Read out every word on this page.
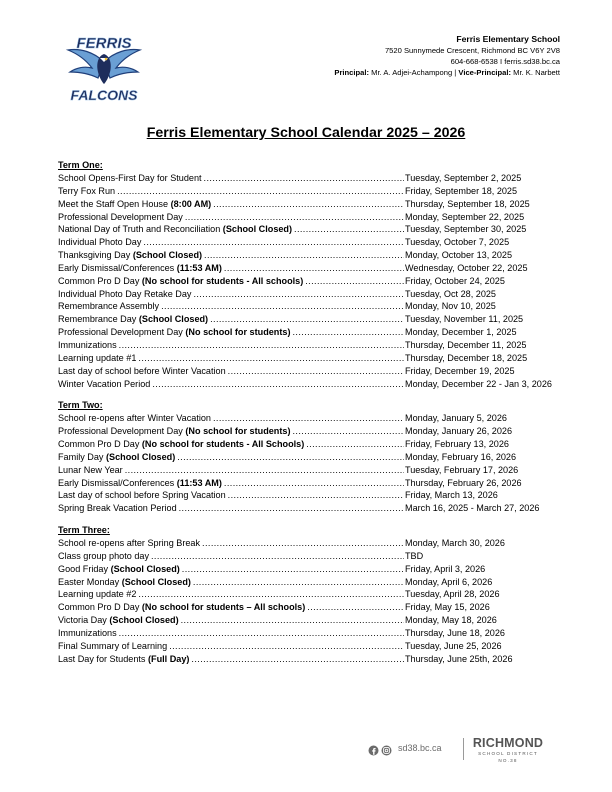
FERRIS
FALCONS
Ferris Elementary School
7520 Sunnymede Crescent, Richmond BC V6Y 2V8
604-668-6538 I ferris.sd38.bc.ca
Principal: Mr. A. Adjei-Achampong | Vice-Principal: Mr. K. Narbett
Ferris Elementary School Calendar 2025 – 2026
Term One:
School Opens-First Day for Student .....	Tuesday, September 2, 2025
Terry Fox Run .....	Friday, September 18, 2025
Meet the Staff Open House (8:00 AM) .....	Thursday, September 18, 2025
Professional Development Day .....	Monday, September 22, 2025
National Day of Truth and Reconciliation (School Closed) .....	Tuesday, September 30, 2025
Individual Photo Day .....	Tuesday, October 7, 2025
Thanksgiving Day (School Closed) .....	Monday, October 13, 2025
Early Dismissal/Conferences (11:53 AM) .....	Wednesday, October 22, 2025
Common Pro D Day (No school for students - All schools) .....	Friday, October 24, 2025
Individual Photo Day Retake Day .....	Tuesday, Oct 28, 2025
Remembrance Assembly .....	Monday, Nov 10, 2025
Remembrance Day (School Closed) .....	Tuesday, November 11, 2025
Professional Development Day (No school for students) .....	Monday, December 1, 2025
Immunizations .....	Thursday, December 11, 2025
Learning update #1 .....	Thursday, December 18, 2025
Last day of school before Winter Vacation .....	Friday, December 19, 2025
Winter Vacation Period .....	Monday, December 22 - Jan 3, 2026
Term Two:
School re-opens after Winter Vacation .....	Monday, January 5, 2026
Professional Development Day (No school for students) .....	Monday, January 26, 2026
Common Pro D Day (No school for students - All Schools) .....	Friday, February 13, 2026
Family Day (School Closed) .....	Monday, February 16, 2026
Lunar New Year .....	Tuesday, February 17, 2026
Early Dismissal/Conferences (11:53 AM) .....	Thursday, February 26, 2026
Last day of school before Spring Vacation .....	Friday, March 13, 2026
Spring Break Vacation Period .....	March 16, 2025 - March 27, 2026
Term Three:
School re-opens after Spring Break .....	Monday, March 30, 2026
Class group photo day .....	TBD
Good Friday (School Closed) .....	Friday, April 3, 2026
Easter Monday (School Closed) .....	Monday, April 6, 2026
Learning update #2 .....	Tuesday, April 28, 2026
Common Pro D Day (No school for students – All schools) .....	Friday, May 15, 2026
Victoria Day (School Closed) .....	Monday, May 18, 2026
Immunizations .....	Thursday, June 18, 2026
Final Summary of Learning .....	Tuesday, June 25, 2026
Last Day for Students (Full Day) .....	Thursday, June 25th, 2026
sd38.bc.ca	RICHMOND
SCHOOL DISTRICT NO.38
